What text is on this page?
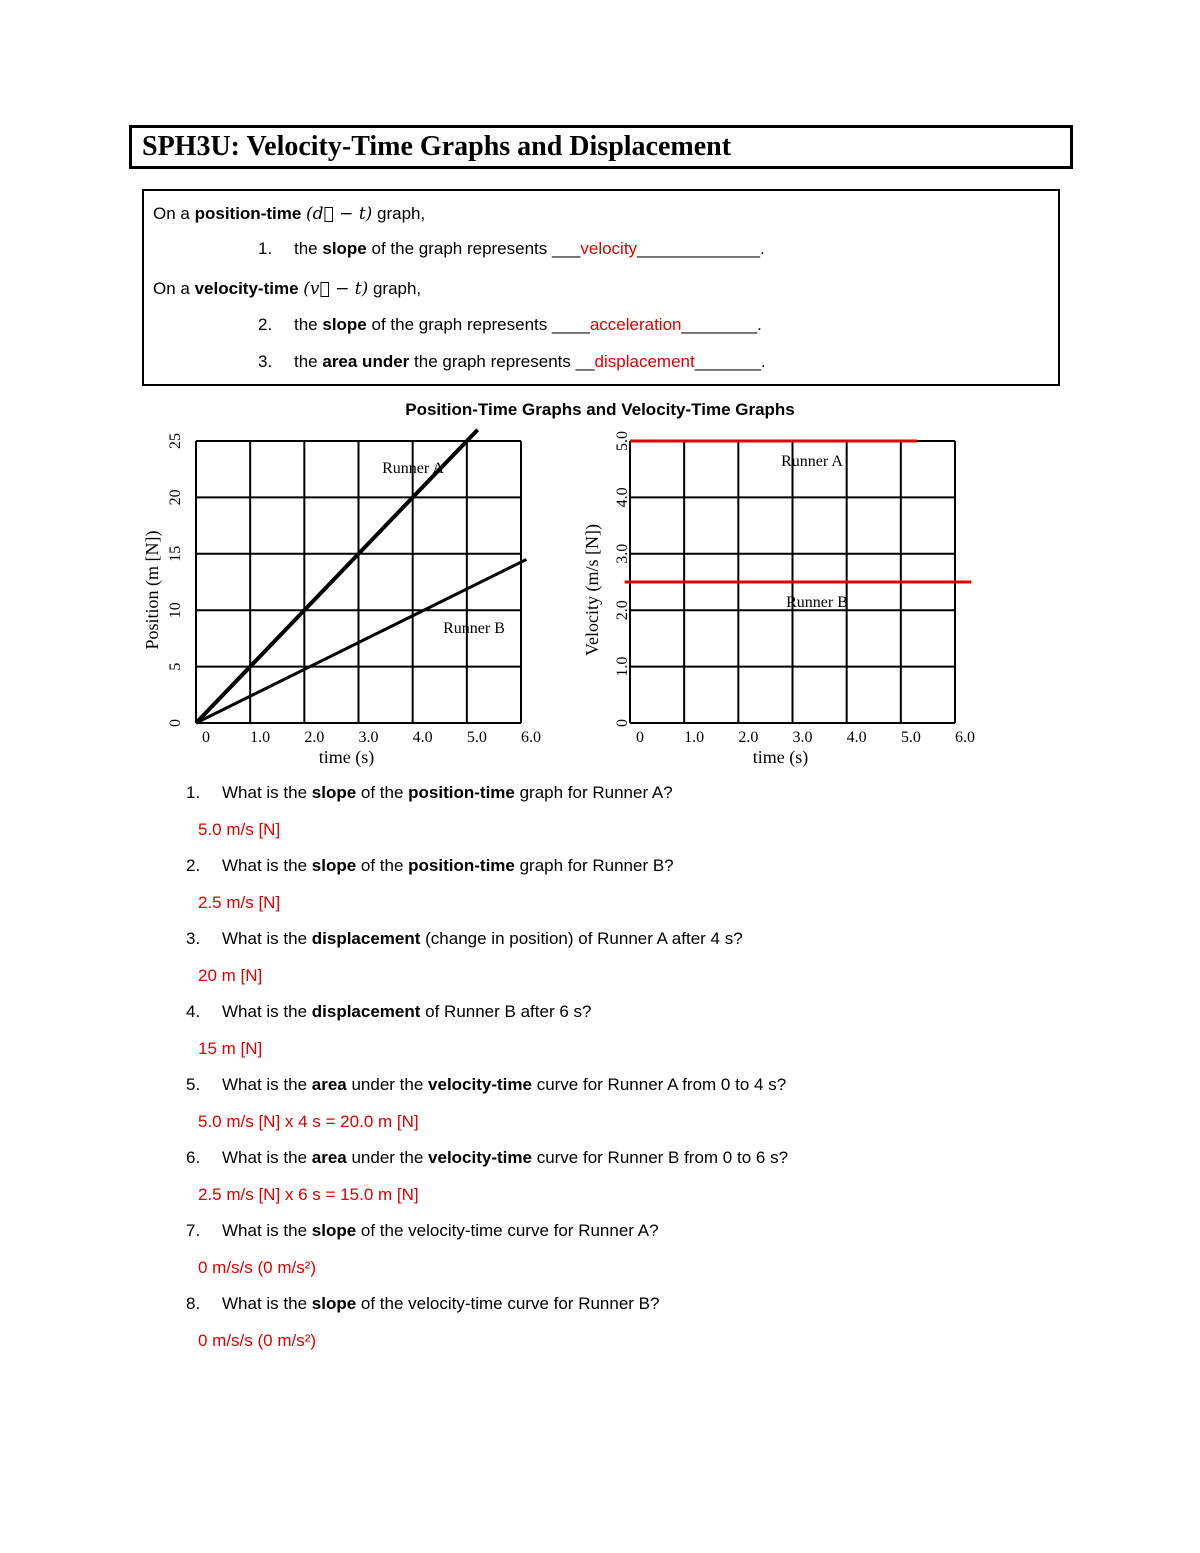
SPH3U: Velocity-Time Graphs and Displacement
On a position-time (d⃗ − t) graph,
1. the slope of the graph represents ___velocity_____________.
On a velocity-time (v⃗ − t) graph,
2. the slope of the graph represents ____acceleration________.
3. the area under the graph represents __displacement_______.
Position-Time Graphs and Velocity-Time Graphs
0	1.0 2.0 3.0 4.0 5.0 6.0
0
5
10
15
20
25
time (s)
Position (m [N])
Runner A
Runner B
0	1.0 2.0 3.0 4.0 5.0 6.0
0
1.0
2.0
3.0
4.0
5.0
time (s)
Velocity (m/s [N])
Runner A
Runner B
1. What is the slope of the position-time graph for Runner A?
5.0 m/s [N]
2. What is the slope of the position-time graph for Runner B?
2.5 m/s [N]
3. What is the displacement (change in position) of Runner A after 4 s?
20 m [N]
4. What is the displacement of Runner B after 6 s?
15 m [N]
5. What is the area under the velocity-time curve for Runner A from 0 to 4 s?
5.0 m/s [N] x 4 s = 20.0 m [N]
6. What is the area under the velocity-time curve for Runner B from 0 to 6 s?
2.5 m/s [N] x 6 s = 15.0 m [N]
7. What is the slope of the velocity-time curve for Runner A?
0 m/s/s (0 m/s²)
8. What is the slope of the velocity-time curve for Runner B?
0 m/s/s (0 m/s²)
